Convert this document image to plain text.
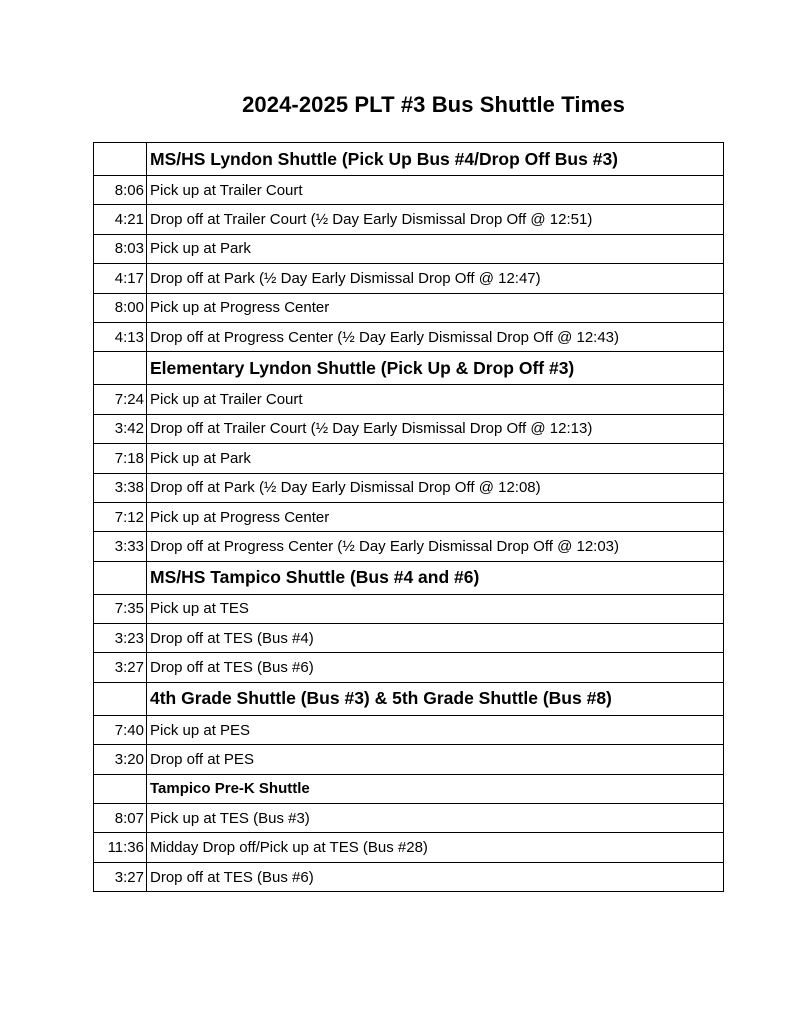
2024-2025 PLT #3 Bus Shuttle Times
	MS/HS Lyndon Shuttle (Pick Up Bus #4/Drop Off Bus #3)
8:06	Pick up at Trailer Court
4:21	Drop off at Trailer Court (½ Day Early Dismissal Drop Off @ 12:51)
8:03	Pick up at Park
4:17	Drop off at Park (½ Day Early Dismissal Drop Off @ 12:47)
8:00	Pick up at Progress Center
4:13	Drop off at Progress Center (½ Day Early Dismissal Drop Off @ 12:43)
	Elementary Lyndon Shuttle (Pick Up & Drop Off #3)
7:24	Pick up at Trailer Court
3:42	Drop off at Trailer Court (½ Day Early Dismissal Drop Off @ 12:13)
7:18	Pick up at Park
3:38	Drop off at Park (½ Day Early Dismissal Drop Off @ 12:08)
7:12	Pick up at Progress Center
3:33	Drop off at Progress Center (½ Day Early Dismissal Drop Off @ 12:03)
	MS/HS Tampico Shuttle (Bus #4 and #6)
7:35	Pick up at TES
3:23	Drop off at TES (Bus #4)
3:27	Drop off at TES (Bus #6)
	4th Grade Shuttle (Bus #3) & 5th Grade Shuttle (Bus #8)
7:40	Pick up at PES
3:20	Drop off at PES
	Tampico Pre-K Shuttle
8:07	Pick up at TES (Bus #3)
11:36	Midday Drop off/Pick up at TES (Bus #28)
3:27	Drop off at TES (Bus #6)
